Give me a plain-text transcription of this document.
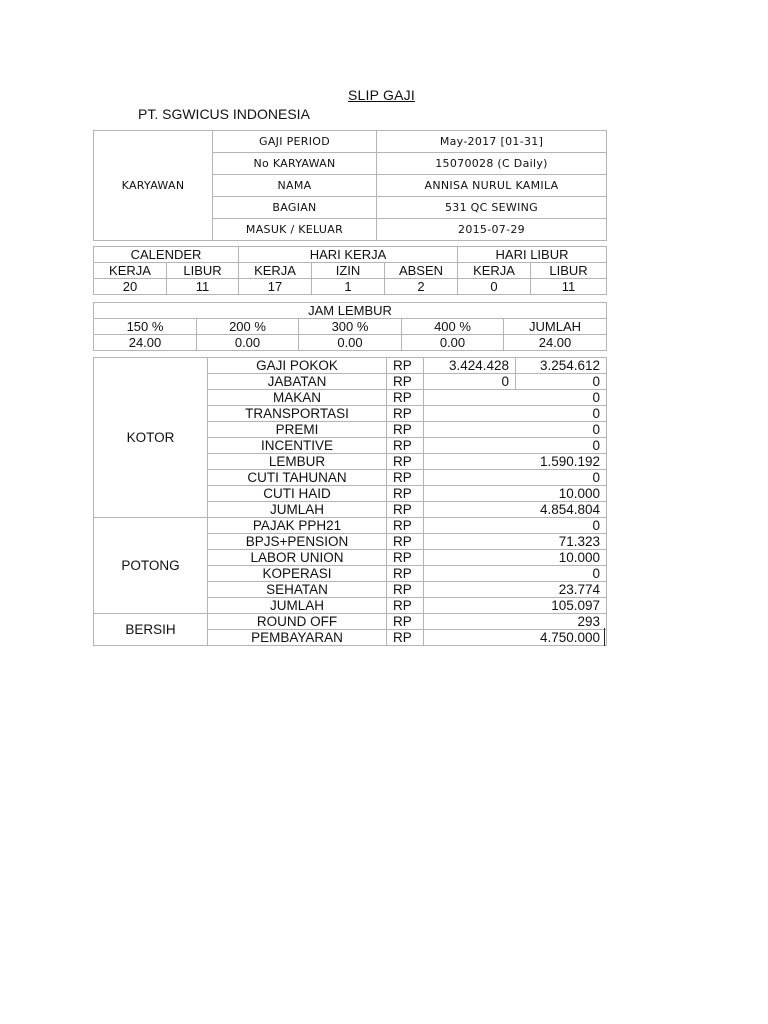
SLIP GAJI
PT. SGWICUS INDONESIA
KARYAWAN	GAJI PERIOD	May-2017 [01-31]
	No KARYAWAN	15070028 (C Daily)
	NAMA	ANNISA NURUL KAMILA
	BAGIAN	531 QC SEWING
	MASUK / KELUAR	2015-07-29
CALENDER		HARI KERJA			HARI LIBUR	
KERJA	LIBUR	KERJA	IZIN	ABSEN	KERJA	LIBUR
20	11	17	1	2	0	11
JAM LEMBUR				
150 %	200 %	300 %	400 %	JUMLAH
24.00	0.00	0.00	0.00	24.00
KOTOR	GAJI POKOK	RP	3.424.428	3.254.612
	JABATAN	RP	0	0
	MAKAN	RP	0	
	TRANSPORTASI	RP	0	
	PREMI	RP	0	
	INCENTIVE	RP	0	
	LEMBUR	RP	1.590.192	
	CUTI TAHUNAN	RP	0	
	CUTI HAID	RP	10.000	
	JUMLAH	RP	4.854.804	
POTONG	PAJAK PPH21	RP	0	
	BPJS+PENSION	RP	71.323	
	LABOR UNION	RP	10.000	
	KOPERASI	RP	0	
	SEHATAN	RP	23.774	
	JUMLAH	RP	105.097	
BERSIH	ROUND OFF	RP	293	
	PEMBAYARAN	RP	4.750.000	
